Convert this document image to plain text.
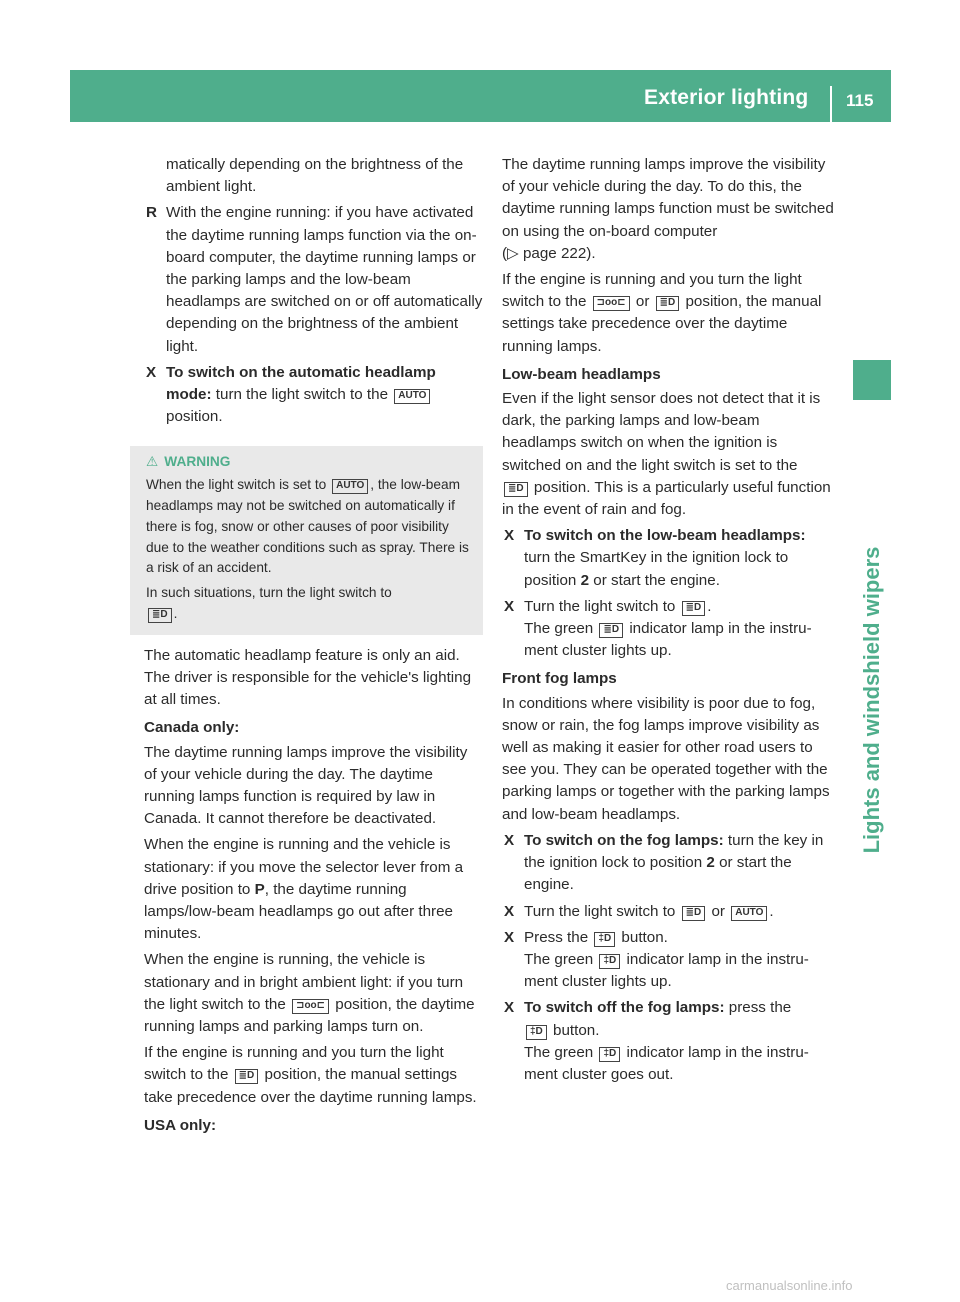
Exterior lighting 115
Lights and windshield wipers

matically depending on the brightness of the ambient light.

R With the engine running: if you have activated the daytime running lamps function via the on-board computer, the daytime running lamps or the parking lamps and the low-beam headlamps are switched on or off automatically depending on the brightness of the ambient light.
X To switch on the automatic headlamp mode: turn the light switch to the AUTO position.
⚠ WARNING

When the light switch is set to AUTO , the low-beam headlamps may not be switched on automatically if there is fog, snow or other causes of poor visibility due to the weather conditions such as spray. There is a risk of an accident.

In such situations, turn the light switch to
≣D .

The automatic headlamp feature is only an aid. The driver is responsible for the vehicle's lighting at all times.

Canada only:

The daytime running lamps improve the visibility of your vehicle during the day. The daytime running lamps function is required by law in Canada. It cannot therefore be deactivated.

When the engine is running and the vehicle is stationary: if you move the selector lever from a drive position to P, the daytime running lamps/low-beam headlamps go out after three minutes.

When the engine is running, the vehicle is stationary and in bright ambient light: if you turn the light switch to the ⊐oo⊏ position, the daytime running lamps and parking lamps turn on.

If the engine is running and you turn the light switch to the ≣D position, the manual settings take precedence over the daytime running lamps.

USA only:

The daytime running lamps improve the visibility of your vehicle during the day. To do this, the daytime running lamps function must be switched on using the on-board computer
(▷ page 222).

If the engine is running and you turn the light switch to the ⊐oo⊏ or ≣D position, the manual settings take precedence over the daytime running lamps.

Low-beam headlamps

Even if the light sensor does not detect that it is dark, the parking lamps and low-beam headlamps switch on when the ignition is switched on and the light switch is set to the
≣D position. This is a particularly useful function in the event of rain and fog.

X To switch on the low-beam headlamps: turn the SmartKey in the ignition lock to position 2 or start the engine.
X Turn the light switch to ≣D .
The green ≣D indicator lamp in the instrument cluster lights up.

Front fog lamps

In conditions where visibility is poor due to fog, snow or rain, the fog lamps improve visibility as well as making it easier for other road users to see you. They can be operated together with the parking lamps or together with the parking lamps and low-beam headlamps.

X To switch on the fog lamps: turn the key in the ignition lock to position 2 or start the engine.
X Turn the light switch to ≣D or AUTO .
X Press the ‡D button.
The green ‡D indicator lamp in the instrument cluster lights up.
X To switch off the fog lamps: press the
‡D button.
The green ‡D indicator lamp in the instrument cluster goes out.
carmanualsonline.info
